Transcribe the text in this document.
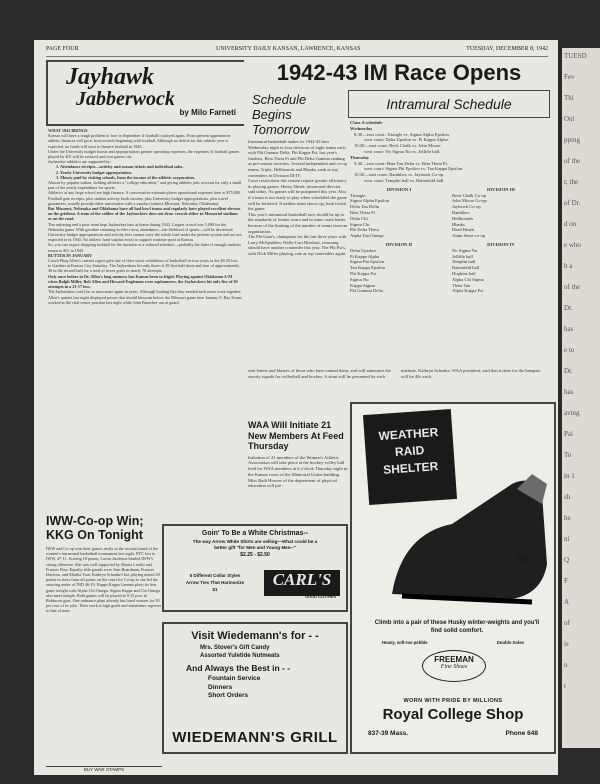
TUESD
Fev
Thi
Onl
pping
of the
r, the
of Dr.
d on
e who
h a
of the
Dr.
has
e to
Dr.
has
aving
Pai
To
in 1
sh
he
ni
Q
F
A
of
is
n
t
PAGE FOUR	UNIVERSITY DAILY KANSAN, LAWRENCE, KANSAS	TUESDAY, DECEMBER 8, 1942
Jayhawk
Jabberwock
by Milo Farneti
WHAT 1943 BRINGS
Kansas will have a tough problem to face in September if football is played again. From present appearances athletic finances will grow from scratch beginning with football. Although no deficit for this athletic year is expected, no funds will exist to finance football in 1943.
Under the University budget boosts and appropriations greater operating expenses, the expenses of football games played by KU will be reduced and cost games cut.
Jayhawker athletics are supported by:
1. Attendance receipts—activity and season tickets and individual sales.
2. Yearly University budget appropriation.
3. Money paid by visiting schools, from the income of the athletic corporation.
Almost by popular tuition, holding athletics a "college education," and giving athletes jobs account for only a small part of the yearly expenditure for sports.
Athletics at any large school are high finance. A conservative estimate places operational expenses here at $75,000. Football gate receipts, plus student activity book income, plus University budget appropriations, plus travel guarantees, usually provide other universities with a surplus (witness Missouri, Nebraska, Oklahoma).
But Missouri, Nebraska and Oklahoma have all had bowl teams and regularly have played excellent elevens on the gridiron. A team of the caliber of the Jayhawkers does not draw crowds either in Memorial stadium or on the road.
Tire rationing and a poor team kept Jayhawker fans at home during 1942. Largest crowd was 5,000 for the Nebraska game. With gasoline rationing in effect now, attendance—the lifeblood of sports—will be decreased.
University budget appropriations and activity fees cannot carry the whole load under the present system and are not expected to in 1943. No athletic fund surplus exists to support wartime sport at Kansas.
So, you can expect dropping football for the duration or a reduced schedule—probably the latter if enough students return to KU in 1943.
BUTTER IN JANUARY
Coach Phog Allen's current cagers give one of their worst exhibitions of basketball in four years in the 48-29 loss to Gardner at Kansas City Saturday. The Jayhawkers hit only three of 28 first half shots and four of approximately 30 in the second half for a total of seven goals in nearly 70 attempts.
Only once before in Dr. Allen's long memory has Kansas been so frigid. Playing against Oklahoma A-M when Ralph Miller, Bob Allen and Howard Engleman were sophomores, the Jayhawkers hit only five of 63 attempts in a 21-17 loss.
The Jayhawkers won't be so inaccurate again in years. Although looking like they needed such more work together, Allen's quintet last night displayed power that should blossom before the Missouri game here January 8. Ray Evans worked at the vital center position last night while John Buescher ran at guard.
IWW-Co-op Win; KKG On Tonight
IWW and Co-op won their games easily in the second round of the women's intramural basketball tournament last night. ETC lost to IWW, 47-11. Scoring 18 points, Lavon Jacobson headed IWW's strong offensive. She was well supported by Marita Lenski and Frances Raw. Equally able guards were Jean Boardman, Frances Davison, and Martha Tran. Kathryn Schaake's hot playing netted 20 points in shots from all points on the court for Co-op as she led the snowing under of IND 46-19. Kappa Kappa Gamma plays its first game tonight with Alpha Chi Omega. Sigma Kappa and Chi Omega also meet tonight. Both games will be played at 9:15 p.m. in Robinson gym. One ordnance plant already has hired women for 50 per cent of its jobs. Their work is high grade and sometimes superior to that of men.
BUY WAR STAMPS
Goin' To Be a White Christmas--
The way Arrow White Shirts are selling—What could be a better gift "for Men and Young Men--"
$2.25 - $2.50
5 Different Collar Styles
Arrow Ties That Harmonize
$1
CARL'S
GOOD CLOTHES
Visit Wiedemann's for - -
Mrs. Stover's Gift Candy
Assorted Yuletide Nutmeats
And Always the Best in - -
Fountain Service
Dinners
Short Orders
WIEDEMANN'S GRILL
1942-43 IM Race Opens
Schedule Begins Tomorrow
Intramural basketball makes its 1942-43 bow Wednesday night in four divisions of eight teams each with Phi Gamma Delta, Phi Kappa Psi, last year's finalists, Beta Theta Pi and Phi Delta Gamma ranking as pre-season favorites. Several independent and co-op teams, Triple, Hellhounds and Blanks, rank as top contenders in Division III-IV.
Court restrictions this season require greater efficiency in playing games. Henry Shenk, intramural director said today. No games will be postponed this year. Also if a team is not ready to play when scheduled the game will be forfeited. If neither team shows up, both forfeit the game.
This year's intramural basketball race should be up to the standards of former years and in some cases better because of the limiting of the number of teams from an organization.
The Phi Gam's, champions for the last three years with Larry McSpadden, Wally-Curt Hinshaw, returning should have another contender this year. The Phi Psi's, with Dick Miller playing, rate as top contenders again.
Intramural Schedule
Class A schedule
Wednesday
8:30—east court: Triangle vs. Sigma Alpha Epsilon.
west court: Delta Upsilon vs. Pi Kappa Alpha.
10:30—east court: Beck Chalk vs. John Moore.
west court: No Sigma Nu vs. Jolliffe hall.
Thursday
9:30—east court: Beta Tau Delta vs. Beta Theta Pi.
west court: Sigma Phi Epsilon vs. Tau Kappa Epsilon.
10:30—east court: Ramblers vs. Jayhawk Co-op.
west court: Templin hall vs. Battenfeld hall.
DIVISION I
Triangle
Sigma Alpha Epsilon
Delta Tau Delta
Beta Theta Pi
Delta Chi
Sigma Chi
Phi Delta Theta
Alpha Tau Omega
DIVISION III
Beck Chalk Co-op
John Moore Co-op
Jayhawk Co-op
Ramblers
Hellhounds
Blanks
Dead Heads
Alum Semi-co-op
DIVISION II
Delta Upsilon
Pi Kappa Alpha
Sigma Phi Epsilon
Tau Kappa Epsilon
Phi Kappa Psi
Sigma Nu
Kappa Sigma
Phi Gamma Delta
DIVISION IV
No Sigma Nu
Jolliffe hall
Templin hall
Battenfeld hall
Hopkins hall
Alpha Chi Sigma
Theta Tau
Alpha Kappa Psi
sent letters and blazers of those who have earned them, and will announce the varsity squads for volleyball and hockey. A stunt will be presented by each institute, Kathryn Schaake, WAA president, said that tickets for the banquet will be 40c each.
WAA Will Initiate 21 New Members At Feed Thursday
Initiation of 21 members of the Women's Athletic Association will take place at the hockey-volley ball feed for WAA members at 6 o'clock Thursday night in the Kansas room of the Memorial Union building. Miss Ruth Hoover of the department of physical education will pre-
WEATHER
RAID
SHELTER
$6.50
Climb into a pair of these Husky winter-weights and you'll find solid comfort.
Heavy, soft-toe pebble	Double Soles
FREEMAN
Fine Shoes
WORN WITH PRIDE BY MILLIONS
Royal College Shop
837-39 Mass.	Phone 648
